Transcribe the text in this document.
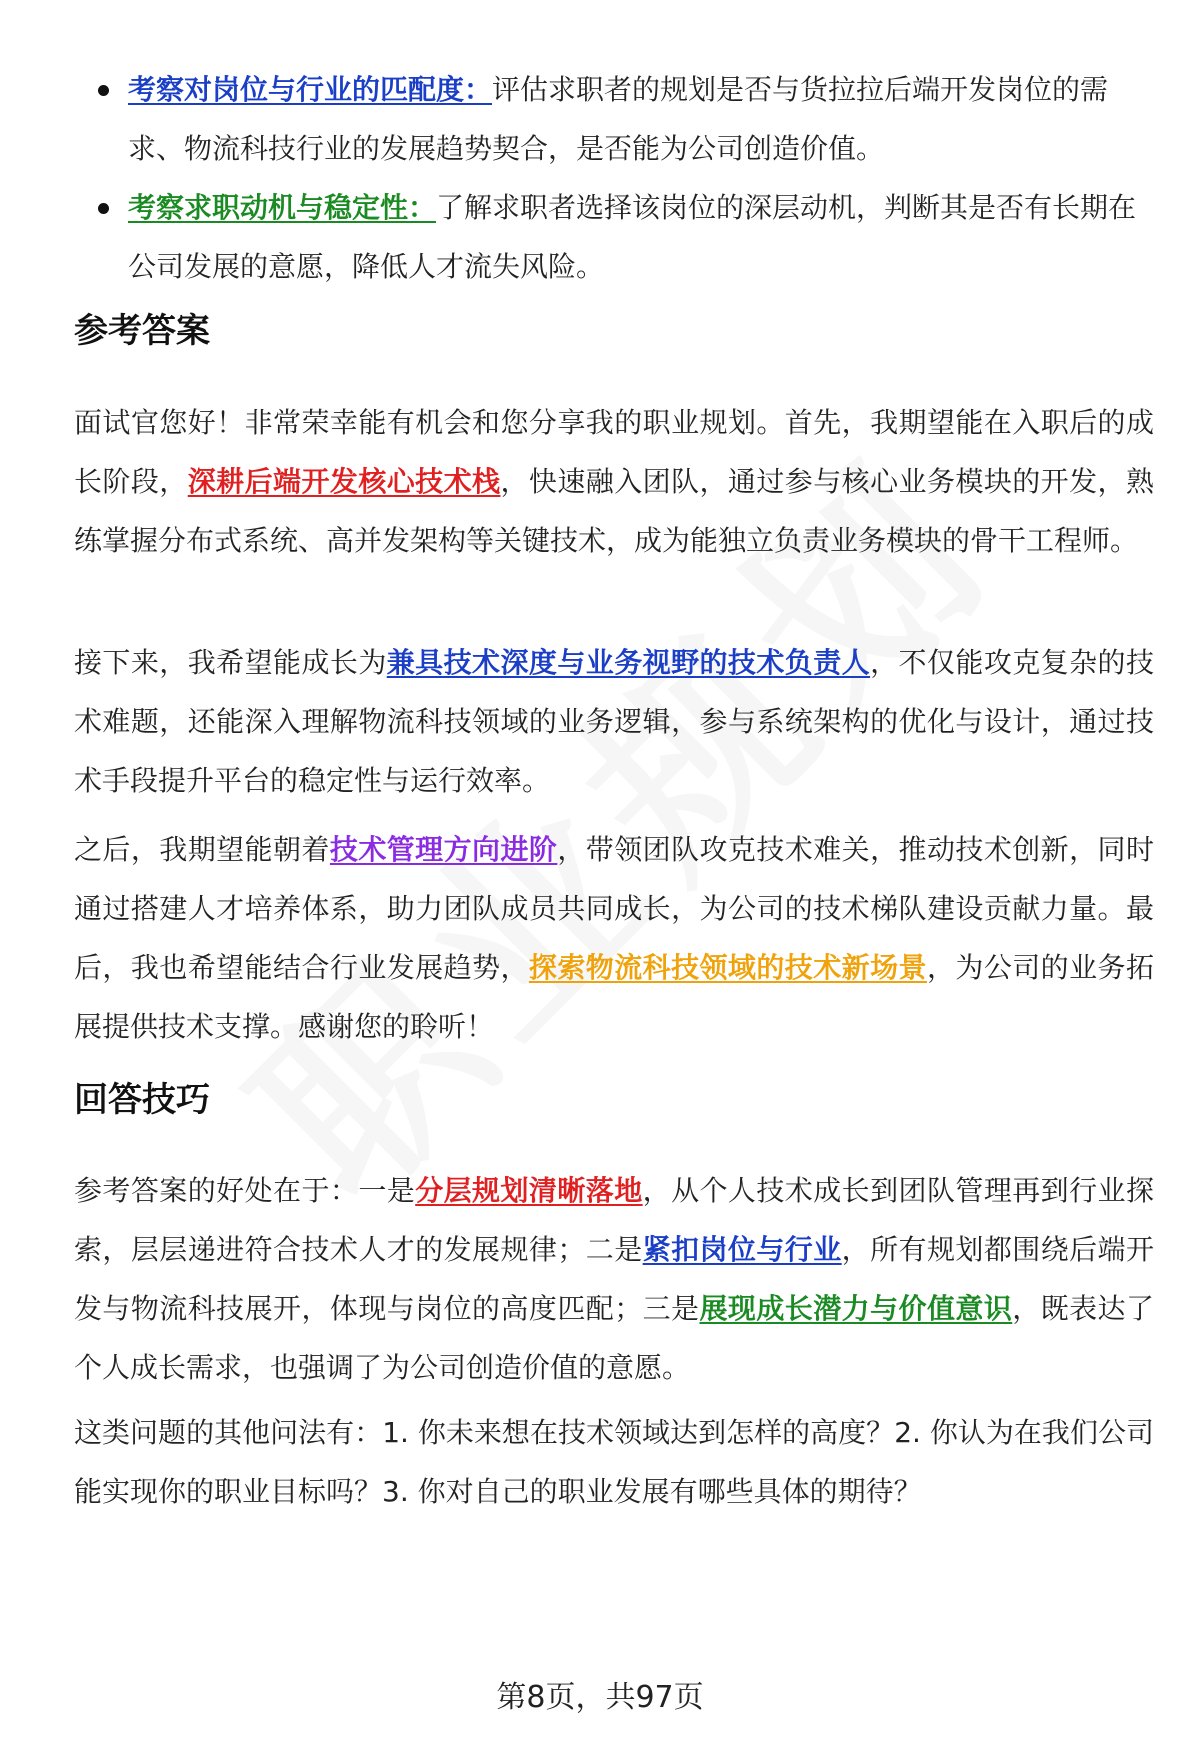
考察对岗位与行业的匹配度：评估求职者的规划是否与货拉拉后端开发岗位的需求、物流科技行业的发展趋势契合，是否能为公司创造价值。
考察求职动机与稳定性：了解求职者选择该岗位的深层动机，判断其是否有长期在公司发展的意愿，降低人才流失风险。
参考答案

面试官您好！非常荣幸能有机会和您分享我的职业规划。首先，我期望能在入职后的成长阶段，深耕后端开发核心技术栈，快速融入团队，通过参与核心业务模块的开发，熟练掌握分布式系统、高并发架构等关键技术，成为能独立负责业务模块的骨干工程师。

接下来，我希望能成长为兼具技术深度与业务视野的技术负责人，不仅能攻克复杂的技术难题，还能深入理解物流科技领域的业务逻辑，参与系统架构的优化与设计，通过技术手段提升平台的稳定性与运行效率。

之后，我期望能朝着技术管理方向进阶，带领团队攻克技术难关，推动技术创新，同时通过搭建人才培养体系，助力团队成员共同成长，为公司的技术梯队建设贡献力量。最后，我也希望能结合行业发展趋势，探索物流科技领域的技术新场景，为公司的业务拓展提供技术支撑。感谢您的聆听！

回答技巧

参考答案的好处在于：一是分层规划清晰落地，从个人技术成长到团队管理再到行业探索，层层递进符合技术人才的发展规律；二是紧扣岗位与行业，所有规划都围绕后端开发与物流科技展开，体现与岗位的高度匹配；三是展现成长潜力与价值意识，既表达了个人成长需求，也强调了为公司创造价值的意愿。

这类问题的其他问法有：1. 你未来想在技术领域达到怎样的高度？2. 你认为在我们公司能实现你的职业目标吗？3. 你对自己的职业发展有哪些具体的期待？

第8页，共97页
